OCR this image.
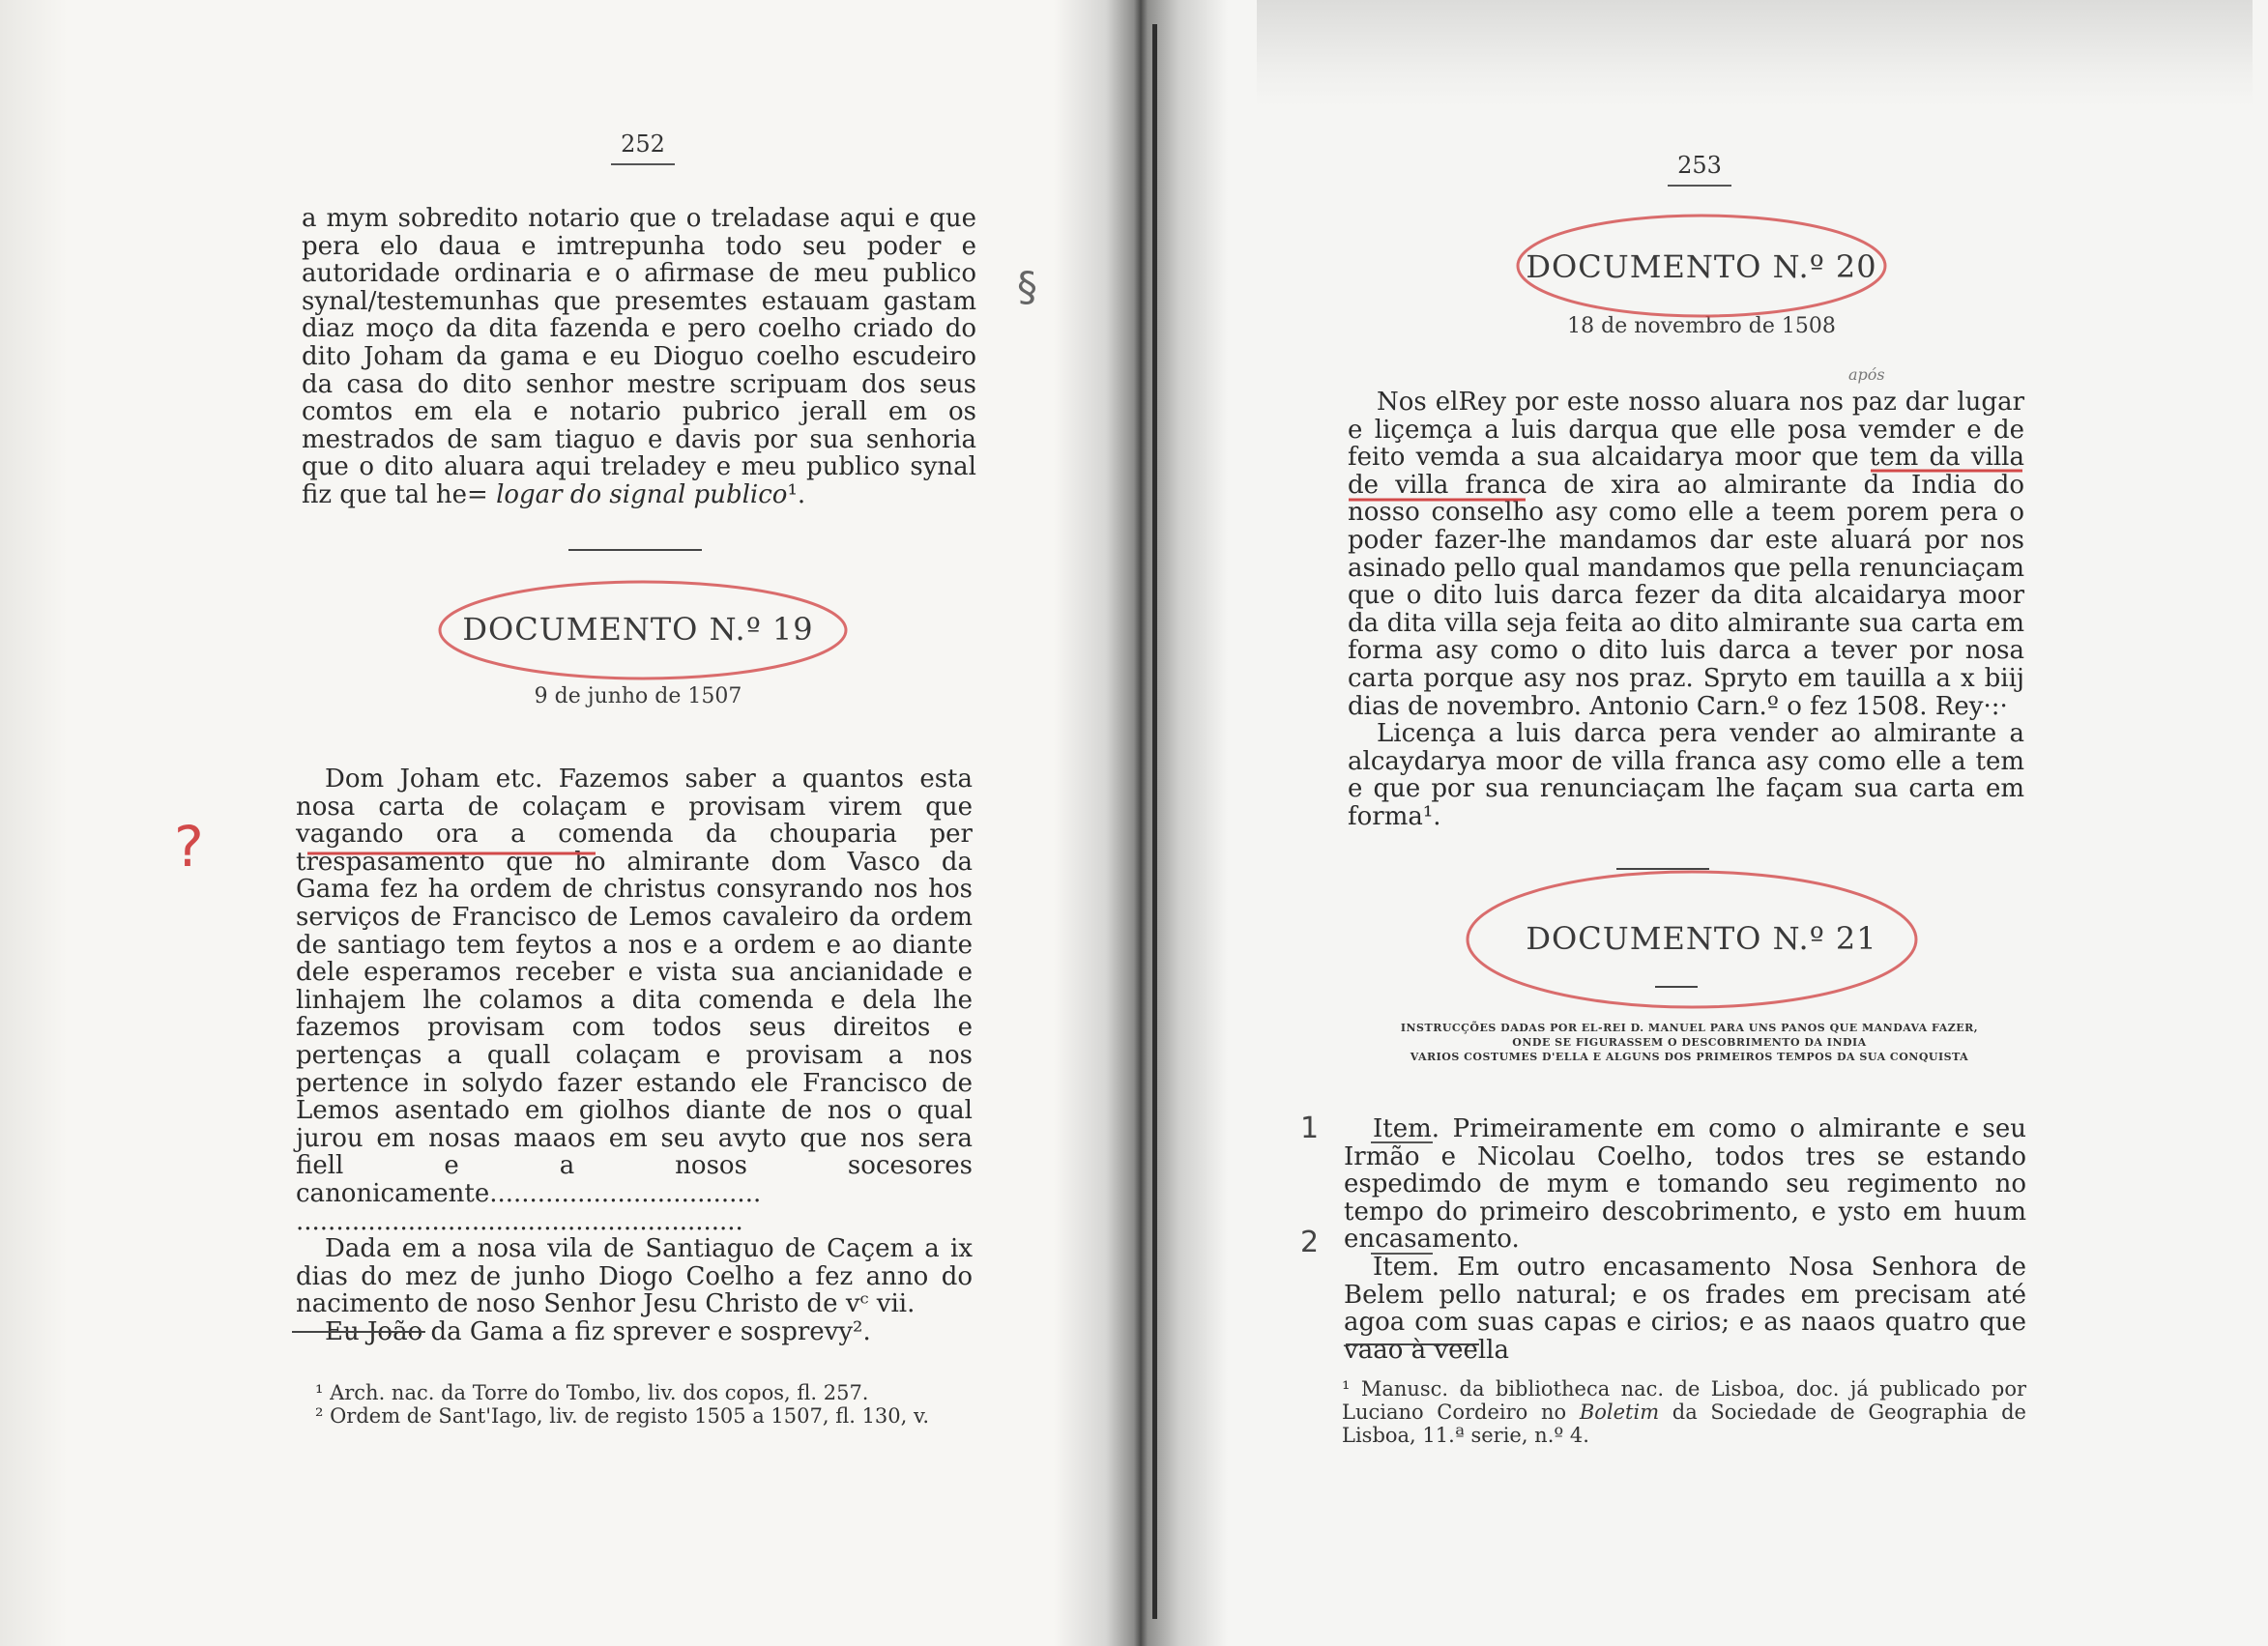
252

a mym sobredito notario que o treladase aqui e que pera elo daua e imtrepunha todo seu poder e autoridade ordinaria e o afirmase de meu publico synal/testemunhas que presemtes estauam gastam diaz moço da dita fazenda e pero coelho criado do dito Joham da gama e eu Dioguo coelho escudeiro da casa do dito senhor mestre scripuam dos seus comtos em ela e notario pubrico jerall em os mestrados de sam tiaguo e davis por sua senhoria que o dito aluara aqui treladey e meu publico synal fiz que tal he= logar do signal publico¹.

DOCUMENTO N.º 19
9 de junho de 1507

Dom Joham etc. Fazemos saber a quantos esta nosa carta de colaçam e provisam virem que vagando ora a comenda da chouparia per trespasamento que ho almirante dom Vasco da Gama fez ha ordem de christus consyrando nos hos serviços de Francisco de Lemos cavaleiro da ordem de santiago tem feytos a nos e a ordem e ao diante dele esperamos receber e vista sua ancianidade e linhajem lhe colamos a dita comenda e dela lhe fazemos provisam com todos seus direitos e pertenças a quall colaçam e provisam a nos pertence in solydo fazer estando ele Francisco de Lemos asentado em giolhos diante de nos o qual jurou em nosas maaos em seu avyto que nos sera fiell e a nosos socesores canonicamente..................................

........................................................

Dada em a nosa vila de Santiaguo de Caçem a ix dias do mez de junho Diogo Coelho a fez anno do nacimento de noso Senhor Jesu Christo de vᶜ vii.

Eu João da Gama a fiz sprever e sosprevy².

¹ Arch. nac. da Torre do Tombo, liv. dos copos, fl. 257.
² Ordem de Sant'Iago, liv. de registo 1505 a 1507, fl. 130, v.
253
DOCUMENTO N.º 20
18 de novembro de 1508

Nos elRey por este nosso aluara nos paz dar lugar e liçemça a luis darqua que elle posa vemder e de feito vemda a sua alcaidarya moor que tem da villa de villa franca de xira ao almirante da India do nosso conselho asy como elle a teem porem pera o poder fazer-lhe mandamos dar este aluará por nos asinado pello qual mandamos que pella renunciaçam que o dito luis darca fezer da dita alcaidarya moor da dita villa seja feita ao dito almirante sua carta em forma asy como o dito luis darca a tever por nosa carta porque asy nos praz. Spryto em tauilla a x biij dias de novembro. Antonio Carn.º o fez 1508. Rey·:·

Licença a luis darca pera vender ao almirante a alcaydarya moor de villa franca asy como elle a tem e que por sua renunciaçam lhe façam sua carta em forma¹.

DOCUMENTO N.º 21
INSTRUCÇÕES DADAS POR EL-REI D. MANUEL PARA UNS PANOS QUE MANDAVA FAZER,
ONDE SE FIGURASSEM O DESCOBRIMENTO DA INDIA
VARIOS COSTUMES D'ELLA E ALGUNS DOS PRIMEIROS TEMPOS DA SUA CONQUISTA

Item. Primeiramente em como o almirante e seu Irmão e Nicolau Coelho, todos tres se estando espedimdo de mym e tomando seu regimento no tempo do primeiro descobrimento, e ysto em huum encasamento.

Item. Em outro encasamento Nosa Senhora de Belem pello natural; e os frades em precisam até agoa com suas capas e cirios; e as naaos quatro que vaao à veella

¹ Manusc. da bibliotheca nac. de Lisboa, doc. já publicado por Luciano Cordeiro no Boletim da Sociedade de Geographia de Lisboa, 11.ª serie, n.º 4.
?
§
após
1
2
